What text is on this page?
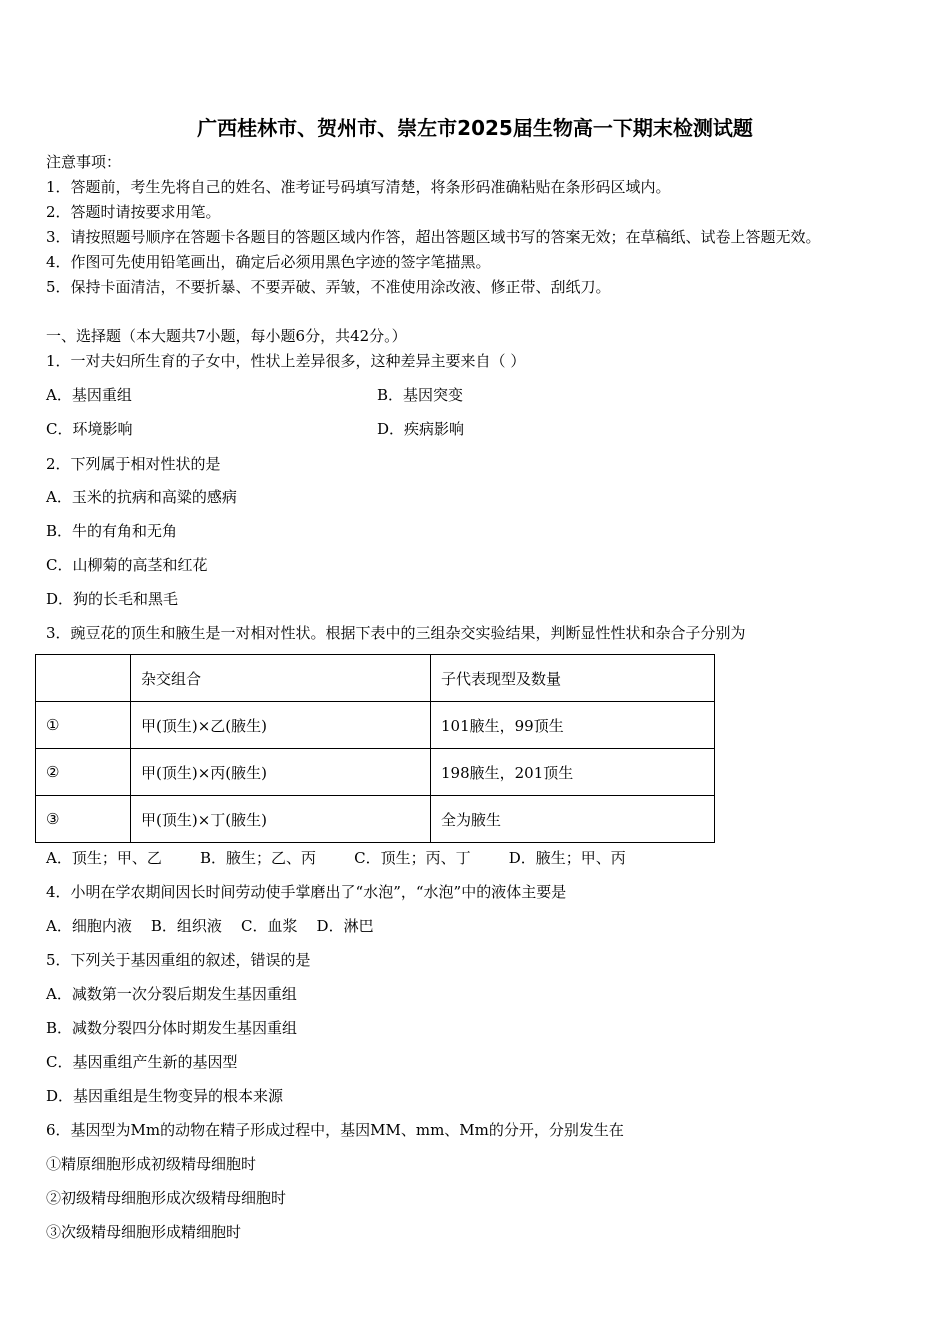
广西桂林市、贺州市、崇左市2025届生物高一下期末检测试题
注意事项：
1．答题前，考生先将自己的姓名、准考证号码填写清楚，将条形码准确粘贴在条形码区域内。
2．答题时请按要求用笔。
3．请按照题号顺序在答题卡各题目的答题区域内作答，超出答题区域书写的答案无效；在草稿纸、试卷上答题无效。
4．作图可先使用铅笔画出，确定后必须用黑色字迹的签字笔描黑。
5．保持卡面清洁，不要折暴、不要弄破、弄皱，不准使用涂改液、修正带、刮纸刀。
一、选择题（本大题共7小题，每小题6分，共42分。）
1．一对夫妇所生育的子女中，性状上差异很多，这种差异主要来自（ ）
A．基因重组	B．基因突变
C．环境影响	D．疾病影响
2．下列属于相对性状的是
A．玉米的抗病和高粱的感病
B．牛的有角和无角
C．山柳菊的高茎和红花
D．狗的长毛和黑毛
3．豌豆花的顶生和腋生是一对相对性状。根据下表中的三组杂交实验结果，判断显性性状和杂合子分别为
	杂交组合	子代表现型及数量
①	甲(顶生)×乙(腋生)	101腋生，99顶生
②	甲(顶生)×丙(腋生)	198腋生，201顶生
③	甲(顶生)×丁(腋生)	全为腋生
A．顶生；甲、乙        B．腋生；乙、丙        C．顶生；丙、丁        D．腋生；甲、丙
4．小明在学农期间因长时间劳动使手掌磨出了“水泡”，“水泡”中的液体主要是
A．细胞内液    B．组织液    C．血浆    D．淋巴
5．下列关于基因重组的叙述，错误的是
A．减数第一次分裂后期发生基因重组
B．减数分裂四分体时期发生基因重组
C．基因重组产生新的基因型
D．基因重组是生物变异的根本来源
6．基因型为Mm的动物在精子形成过程中，基因MM、mm、Mm的分开，分别发生在
①精原细胞形成初级精母细胞时
②初级精母细胞形成次级精母细胞时
③次级精母细胞形成精细胞时
